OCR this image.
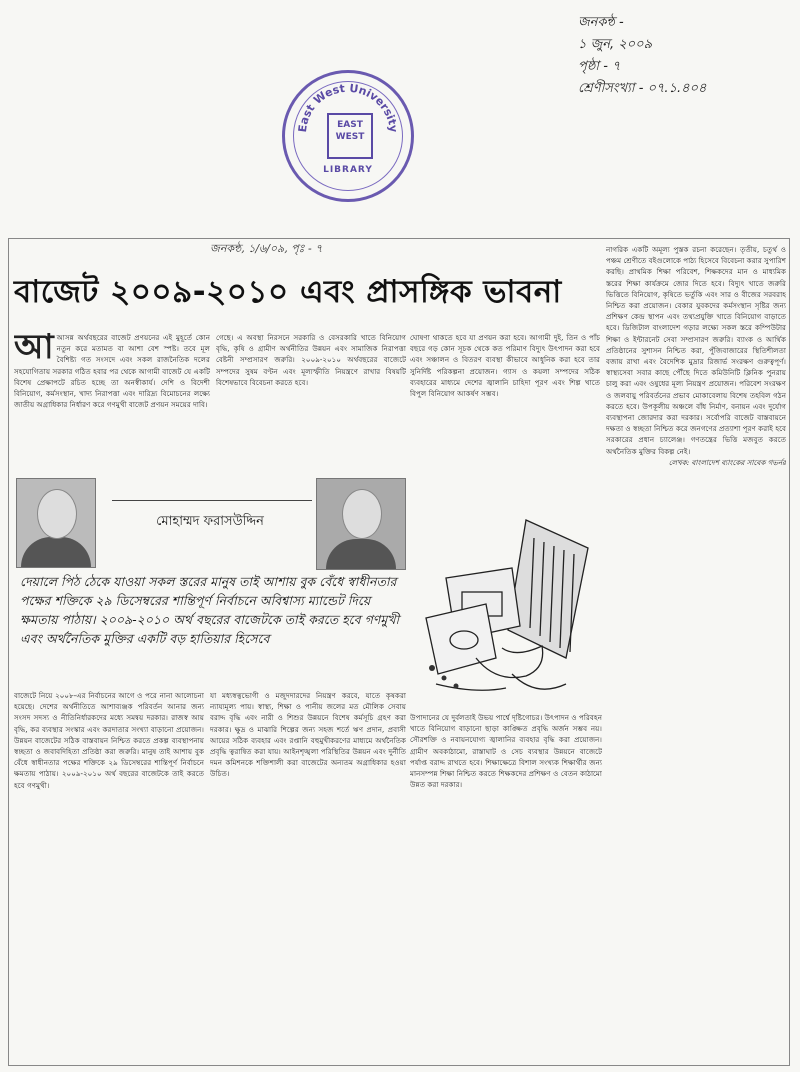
East West University
EAST
WEST
LIBRARY
জনকন্ঠ -
১ জুন, ২০০৯
পৃষ্ঠা - ৭
শ্রেণীসংখ্যা - ০৭.১.৪০৪
জনকন্ঠ, ১/৬/০৯, পৃঃ - ৭
বাজেট ২০০৯-২০১০ এবং প্রাসঙ্গিক ভাবনা
আআসন্ন অর্থবছরের বাজেট প্রণয়নের এই মুহূর্তে কোন নতুন করে মতামত বা আশা বেশ স্পষ্ট। তবে মূল বৈশিষ্ট্য গত সংসদে এবং সকল রাজনৈতিক দলের সহযোগিতায় সরকার গঠিত হবার পর থেকে আগামী বাজেট যে একটি বিশেষ প্রেক্ষাপটে রচিত হচ্ছে তা অনস্বীকার্য। দেশি ও বিদেশী বিনিয়োগ, কর্মসংস্থান, খাদ্য নিরাপত্তা এবং দারিদ্র্য বিমোচনের লক্ষ্যে জাতীয় অগ্রাধিকার নির্ধারণ করে গণমুখী বাজেট প্রণয়ন সময়ের দাবি।
গেছে। এ অবস্থা নিরসনে সরকারি ও বেসরকারি খাতে বিনিয়োগ বৃদ্ধি, কৃষি ও গ্রামীণ অর্থনীতির উন্নয়ন এবং সামাজিক নিরাপত্তা বেষ্টনী সম্প্রসারণ জরুরি। ২০০৯-২০১০ অর্থবছরের বাজেটে সম্পদের সুষম বণ্টন এবং মূল্যস্ফীতি নিয়ন্ত্রণে রাখার বিষয়টি বিশেষভাবে বিবেচনা করতে হবে।
ঘোষণা থাকতে হবে যা প্রণয়ন করা হবে। আগামী দুই, তিন ও পাঁচ বছরে গড় কোন সূচক থেকে কত পরিমাণ বিদ্যুৎ উৎপাদন করা হবে এবং সঞ্চালন ও বিতরণ ব্যবস্থা কীভাবে আধুনিক করা হবে তার সুনির্দিষ্ট পরিকল্পনা প্রয়োজন। গ্যাস ও কয়লা সম্পদের সঠিক ব্যবহারের মাধ্যমে দেশের জ্বালানি চাহিদা পূরণ এবং শিল্প খাতে বিপুল বিনিয়োগ আকর্ষণ সম্ভব।
নাগরিক একটি অমূল্য পুস্তক রচনা করেছেন। তৃতীয়, চতুর্থ ও পঞ্চম শ্রেণীতে বইগুলোকে পাঠ্য হিসেবে বিবেচনা করার সুপারিশ করছি। প্রাথমিক শিক্ষা পরিবেশ, শিক্ষকদের মান ও মাধ্যমিক স্তরের শিক্ষা কার্যক্রমে জোর দিতে হবে। বিদ্যুৎ খাতে জরুরি ভিত্তিতে বিনিয়োগ, কৃষিতে ভর্তুকি এবং সার ও বীজের সরবরাহ নিশ্চিত করা প্রয়োজন। বেকার যুবকদের কর্মসংস্থান সৃষ্টির জন্য প্রশিক্ষণ কেন্দ্র স্থাপন এবং তথ্যপ্রযুক্তি খাতে বিনিয়োগ বাড়াতে হবে। ডিজিটাল বাংলাদেশ গড়ার লক্ষ্যে সকল স্তরে কম্পিউটার শিক্ষা ও ইন্টারনেট সেবা সম্প্রসারণ জরুরি। ব্যাংক ও আর্থিক প্রতিষ্ঠানের সুশাসন নিশ্চিত করা, পুঁজিবাজারের স্থিতিশীলতা বজায় রাখা এবং বৈদেশিক মুদ্রার রিজার্ভ সংরক্ষণ গুরুত্বপূর্ণ। স্বাস্থ্যসেবা সবার কাছে পৌঁছে দিতে কমিউনিটি ক্লিনিক পুনরায় চালু করা এবং ওষুধের মূল্য নিয়ন্ত্রণ প্রয়োজন। পরিবেশ সংরক্ষণ ও জলবায়ু পরিবর্তনের প্রভাব মোকাবেলায় বিশেষ তহবিল গঠন করতে হবে। উপকূলীয় অঞ্চলে বাঁধ নির্মাণ, বনায়ন এবং দুর্যোগ ব্যবস্থাপনা জোরদার করা দরকার। সর্বোপরি বাজেট বাস্তবায়নে দক্ষতা ও স্বচ্ছতা নিশ্চিত করে জনগণের প্রত্যাশা পূরণ করাই হবে সরকারের প্রধান চ্যালেঞ্জ। গণতন্ত্রের ভিত্তি মজবুত করতে অর্থনৈতিক মুক্তির বিকল্প নেই।
লেখক: বাংলাদেশ ব্যাংকের সাবেক গভর্নর
মোহাম্মদ ফরাসউদ্দিন
দেয়ালে পিঠ ঠেকে যাওয়া সকল স্তরের মানুষ তাই আশায় বুক বেঁধে স্বাধীনতার পক্ষের শক্তিকে ২৯ ডিসেম্বরের শান্তিপূর্ণ নির্বাচনে অবিশ্বাস্য ম্যান্ডেট দিয়ে ক্ষমতায় পাঠায়। ২০০৯-২০১০ অর্থ বছরের বাজেটকে তাই করতে হবে গণমুখী এবং অর্থনৈতিক মুক্তির একটি বড় হাতিয়ার হিসেবে
বাজেটে নিয়ে ২০০৮-এর নির্বাচনের আগে ও পরে নানা আলোচনা হয়েছে। দেশের অর্থনীতিতে আশাব্যঞ্জক পরিবর্তন আনার জন্য সংসদ সদস্য ও নীতিনির্ধারকদের মধ্যে সমন্বয় দরকার। রাজস্ব আয় বৃদ্ধি, কর ব্যবস্থার সংস্কার এবং করদাতার সংখ্যা বাড়ানো প্রয়োজন। উন্নয়ন বাজেটের সঠিক বাস্তবায়ন নিশ্চিত করতে প্রকল্প ব্যবস্থাপনায় স্বচ্ছতা ও জবাবদিহিতা প্রতিষ্ঠা করা জরুরি। মানুষ তাই আশায় বুক বেঁধে স্বাধীনতার পক্ষের শক্তিকে ২৯ ডিসেম্বরের শান্তিপূর্ণ নির্বাচনে ক্ষমতায় পাঠায়। ২০০৯-২০১০ অর্থ বছরের বাজেটকে তাই করতে হবে গণমুখী।
যা মধ্যস্বত্বভোগী ও মজুদদারদের নিয়ন্ত্রণ করবে, যাতে কৃষকরা ন্যায্যমূল্য পায়। স্বাস্থ্য, শিক্ষা ও পানীয় জলের মত মৌলিক সেবায় বরাদ্দ বৃদ্ধি এবং নারী ও শিশুর উন্নয়নে বিশেষ কর্মসূচি গ্রহণ করা দরকার। ক্ষুদ্র ও মাঝারি শিল্পের জন্য সহজ শর্তে ঋণ প্রদান, প্রবাসী আয়ের সঠিক ব্যবহার এবং রপ্তানি বহুমুখীকরণের মাধ্যমে অর্থনৈতিক প্রবৃদ্ধি ত্বরান্বিত করা যায়। আইনশৃঙ্খলা পরিস্থিতির উন্নয়ন এবং দুর্নীতি দমন কমিশনকে শক্তিশালী করা বাজেটের অন্যতম অগ্রাধিকার হওয়া উচিত।
উপাদানের যে দুর্বলতাই উভয় পার্শ্বে দৃষ্টিগোচর। উৎপাদন ও পরিবহন খাতে বিনিয়োগ বাড়ানো ছাড়া কাঙ্ক্ষিত প্রবৃদ্ধি অর্জন সম্ভব নয়। সৌরশক্তি ও নবায়নযোগ্য জ্বালানির ব্যবহার বৃদ্ধি করা প্রয়োজন। গ্রামীণ অবকাঠামো, রাস্তাঘাট ও সেচ ব্যবস্থার উন্নয়নে বাজেটে পর্যাপ্ত বরাদ্দ রাখতে হবে। শিক্ষাক্ষেত্রে বিশাল সংখ্যক শিক্ষার্থীর জন্য মানসম্পন্ন শিক্ষা নিশ্চিত করতে শিক্ষকদের প্রশিক্ষণ ও বেতন কাঠামো উন্নত করা দরকার।
